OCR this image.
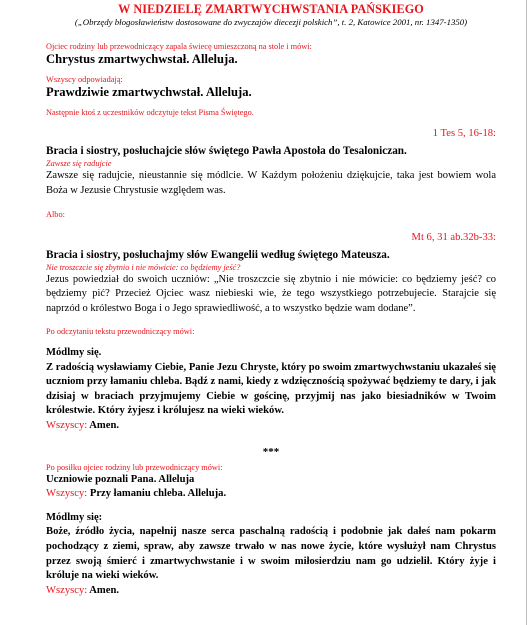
W NIEDZIELĘ ZMARTWYCHWSTANIA PAŃSKIEGO

(„Obrzędy błogosławieństw dostosowane do zwyczajów diecezji polskich”, t. 2, Katowice 2001, nr. 1347-1350)

Ojciec rodziny lub przewodniczący zapala świecę umieszczoną na stole i mówi:

Chrystus zmartwychwstał. Alleluja.

Wszyscy odpowiadają:

Prawdziwie zmartwychwstał. Alleluja.

Następnie ktoś z uczestników odczytuje tekst Pisma Świętego.

1 Tes 5, 16-18:

Bracia i siostry, posłuchajcie słów świętego Pawła Apostoła do Tesaloniczan.

Zawsze się radujcie

Zawsze się radujcie, nieustannie się módlcie. W Każdym położeniu dziękujcie, taka jest bowiem wola Boża w Jezusie Chrystusie względem was.

Albo:

Mt 6, 31 ab.32b-33:

Bracia i siostry, posłuchajmy słów Ewangelii według świętego Mateusza.

Nie troszczcie się zbytnio i nie mówicie: co będziemy jeść?

Jezus powiedział do swoich uczniów: „Nie troszczcie się zbytnio i nie mówicie: co będziemy jeść? co będziemy pić? Przecież Ojciec wasz niebieski wie, że tego wszystkiego potrzebujecie. Starajcie się naprzód o królestwo Boga i o Jego sprawiedliwość, a to wszystko będzie wam dodane”.

Po odczytaniu tekstu przewodniczący mówi:

Módlmy się.

Z radością wysławiamy Ciebie, Panie Jezu Chryste, który po swoim zmartwychwstaniu ukazałeś się uczniom przy łamaniu chleba. Bądź z nami, kiedy z wdzięcznością spożywać będziemy te dary, i jak dzisiaj w braciach przyjmujemy Ciebie w gościnę, przyjmij nas jako biesiadników w Twoim królestwie. Który żyjesz i królujesz na wieki wieków.

Wszyscy: Amen.

***

Po posiłku ojciec rodziny lub przewodniczący mówi:

Uczniowie poznali Pana. Alleluja

Wszyscy: Przy łamaniu chleba. Alleluja.

Módlmy się:

Boże, źródło życia, napełnij nasze serca paschalną radością i podobnie jak dałeś nam pokarm pochodzący z ziemi, spraw, aby zawsze trwało w nas nowe życie, które wysłużył nam Chrystus przez swoją śmierć i zmartwychwstanie i w swoim miłosierdziu nam go udzielił. Który żyje i króluje na wieki wieków.

Wszyscy: Amen.
